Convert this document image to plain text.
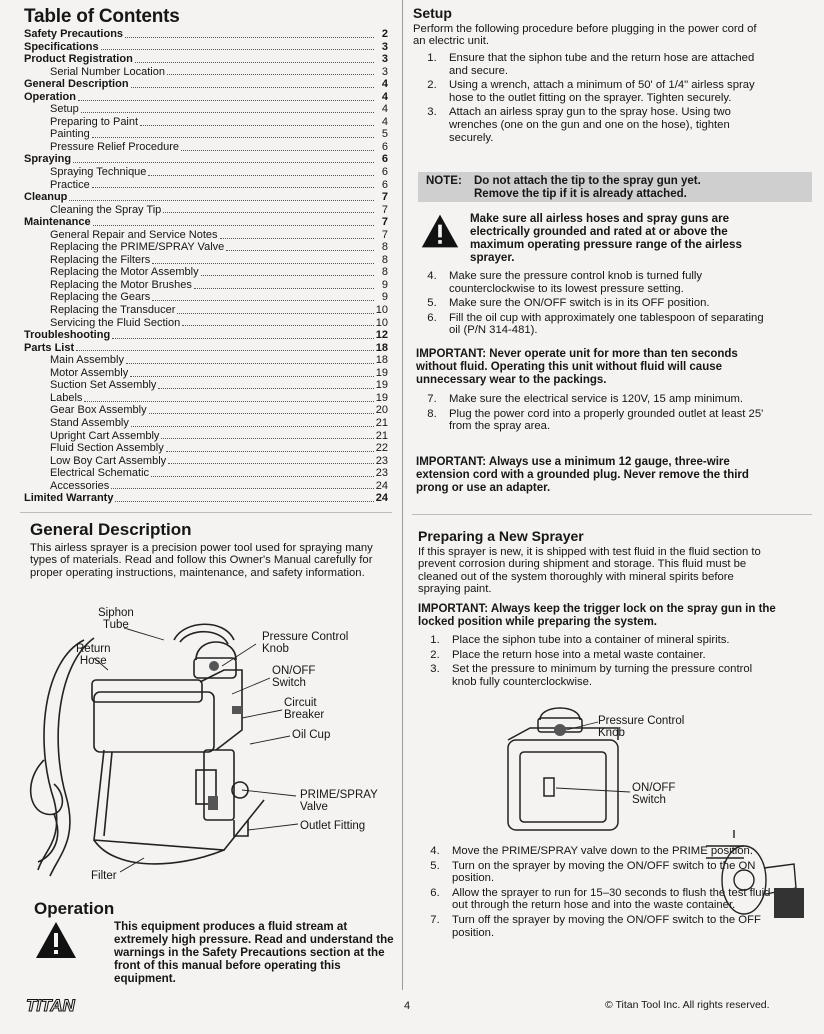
Table of Contents
Safety Precautions	2
Specifications	3
Product Registration	3
Serial Number Location	3
General Description	4
Operation	4
Setup	4
Preparing to Paint	4
Painting	5
Pressure Relief Procedure	6
Spraying	6
Spraying Technique	6
Practice	6
Cleanup	7
Cleaning the Spray Tip	7
Maintenance	7
General Repair and Service Notes	7
Replacing the PRIME/SPRAY Valve	8
Replacing the Filters	8
Replacing the Motor Assembly	8
Replacing the Motor Brushes	9
Replacing the Gears	9
Replacing the Transducer	10
Servicing the Fluid Section	10
Troubleshooting	12
Parts List	18
Main Assembly	18
Motor Assembly	19
Suction Set Assembly	19
Labels	19
Gear Box Assembly	20
Stand Assembly	21
Upright Cart Assembly	21
Fluid Section Assembly	22
Low Boy Cart Assembly	23
Electrical Schematic	23
Accessories	24
Limited Warranty	24
General Description
This airless sprayer is a precision power tool used for spraying many types of materials. Read and follow this Owner's Manual carefully for proper operating instructions, maintenance, and safety information.
Siphon
Tube
Return
Hose
Pressure Control
Knob
ON/OFF
Switch
Circuit
Breaker
Oil Cup
PRIME/SPRAY
Valve
Outlet Fitting
Filter
Operation
This equipment produces a fluid stream at extremely high pressure. Read and understand the warnings in the Safety Precautions section at the front of this manual before operating this equipment.
Setup
Perform the following procedure before plugging in the power cord of an electric unit.
1.	Ensure that the siphon tube and the return hose are attached and secure.
2.	Using a wrench, attach a minimum of 50' of 1/4" airless spray hose to the outlet fitting on the sprayer. Tighten securely.
3.	Attach an airless spray gun to the spray hose. Using two wrenches (one on the gun and one on the hose), tighten securely.
NOTE:	Do not attach the tip to the spray gun yet.
Remove the tip if it is already attached.
Make sure all airless hoses and spray guns are electrically grounded and rated at or above the maximum operating pressure range of the airless sprayer.
4.	Make sure the pressure control knob is turned fully counterclockwise to its lowest pressure setting.
5.	Make sure the ON/OFF switch is in its OFF position.
6.	Fill the oil cup with approximately one tablespoon of separating oil (P/N 314-481).
IMPORTANT: Never operate unit for more than ten seconds without fluid. Operating this unit without fluid will cause unnecessary wear to the packings.
7.	Make sure the electrical service is 120V, 15 amp minimum.
8.	Plug the power cord into a properly grounded outlet at least 25' from the spray area.
IMPORTANT: Always use a minimum 12 gauge, three-wire extension cord with a grounded plug. Never remove the third prong or use an adapter.
Preparing a New Sprayer
If this sprayer is new, it is shipped with test fluid in the fluid section to prevent corrosion during shipment and storage. This fluid must be cleaned out of the system thoroughly with mineral spirits before spraying paint.
IMPORTANT: Always keep the trigger lock on the spray gun in the locked position while preparing the system.
1.	Place the siphon tube into a container of mineral spirits.
2.	Place the return hose into a metal waste container.
3.	Set the pressure to minimum by turning the pressure control knob fully counterclockwise.
Pressure Control
Knob
ON/OFF
Switch
4.	Move the PRIME/SPRAY valve down to the PRIME position.
5.	Turn on the sprayer by moving the ON/OFF switch to the ON position.
6.	Allow the sprayer to run for 15–30 seconds to flush the test fluid out through the return hose and into the waste container.
7.	Turn off the sprayer by moving the ON/OFF switch to the OFF position.
TITAN	4	© Titan Tool Inc. All rights reserved.
